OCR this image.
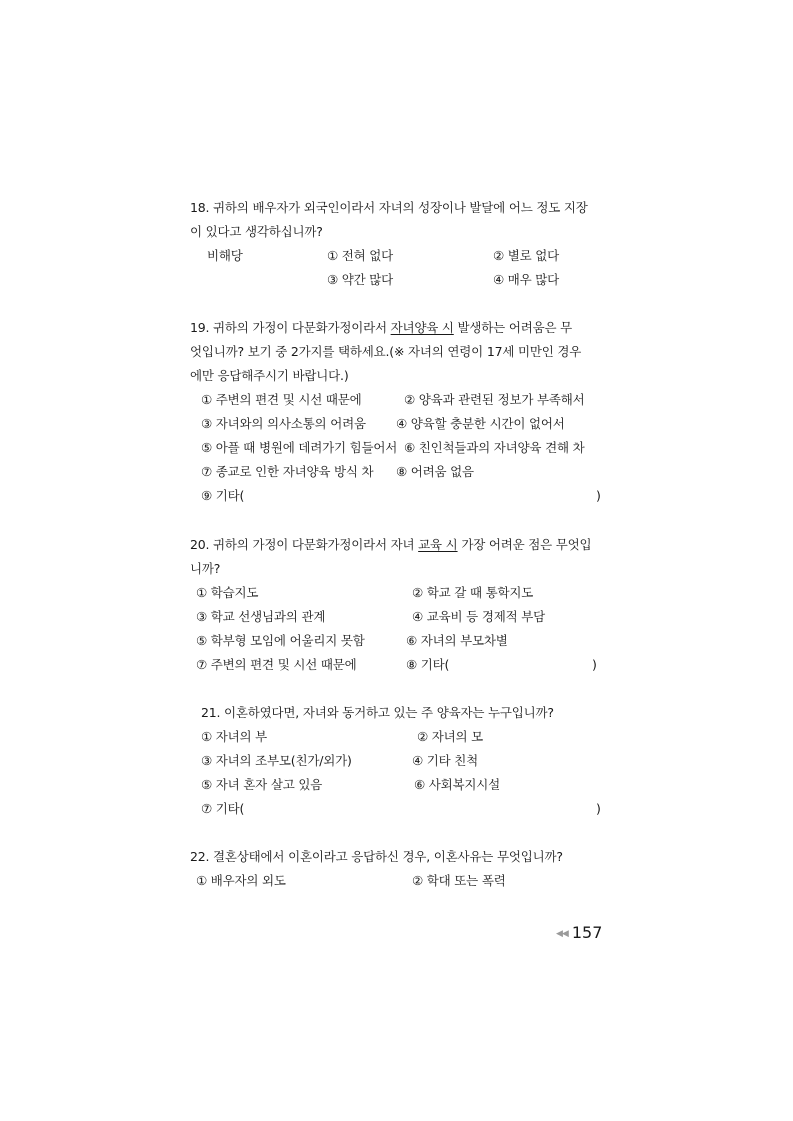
18. 귀하의 배우자가 외국인이라서 자녀의 성장이나 발달에 어느 정도 지장
이 있다고 생각하십니까?
비해당	① 전혀 없다	② 별로 없다
③ 약간 많다	④ 매우 많다
19. 귀하의 가정이 다문화가정이라서 자녀양육 시 발생하는 어려움은 무
엇입니까? 보기 중 2가지를 택하세요.(※ 자녀의 연령이 17세 미만인 경우
에만 응답해주시기 바랍니다.)
① 주변의 편견 및 시선 때문에	② 양육과 관련된 정보가 부족해서
③ 자녀와의 의사소통의 어려움 ④ 양육할 충분한 시간이 없어서
⑤ 아플 때 병원에 데려가기 힘들어서 ⑥ 친인척들과의 자녀양육 견해 차
⑦ 종교로 인한 자녀양육 방식 차 ⑧ 어려움 없음
⑨ 기타(	)
20. 귀하의 가정이 다문화가정이라서 자녀 교육 시 가장 어려운 점은 무엇입
니까?
① 학습지도	② 학교 갈 때 통학지도
③ 학교 선생님과의 관계	④ 교육비 등 경제적 부담
⑤ 학부형 모임에 어울리지 못함	⑥ 자녀의 부모차별
⑦ 주변의 편견 및 시선 때문에	⑧ 기타(	)
21. 이혼하였다면, 자녀와 동거하고 있는 주 양육자는 누구입니까?
① 자녀의 부	② 자녀의 모
③ 자녀의 조부모(친가/외가)	④ 기타 친척
⑤ 자녀 혼자 살고 있음	⑥ 사회복지시설
⑦ 기타(	)
22. 결혼상태에서 이혼이라고 응답하신 경우, 이혼사유는 무엇입니까?
① 배우자의 외도	② 학대 또는 폭력
◀◀ 157
